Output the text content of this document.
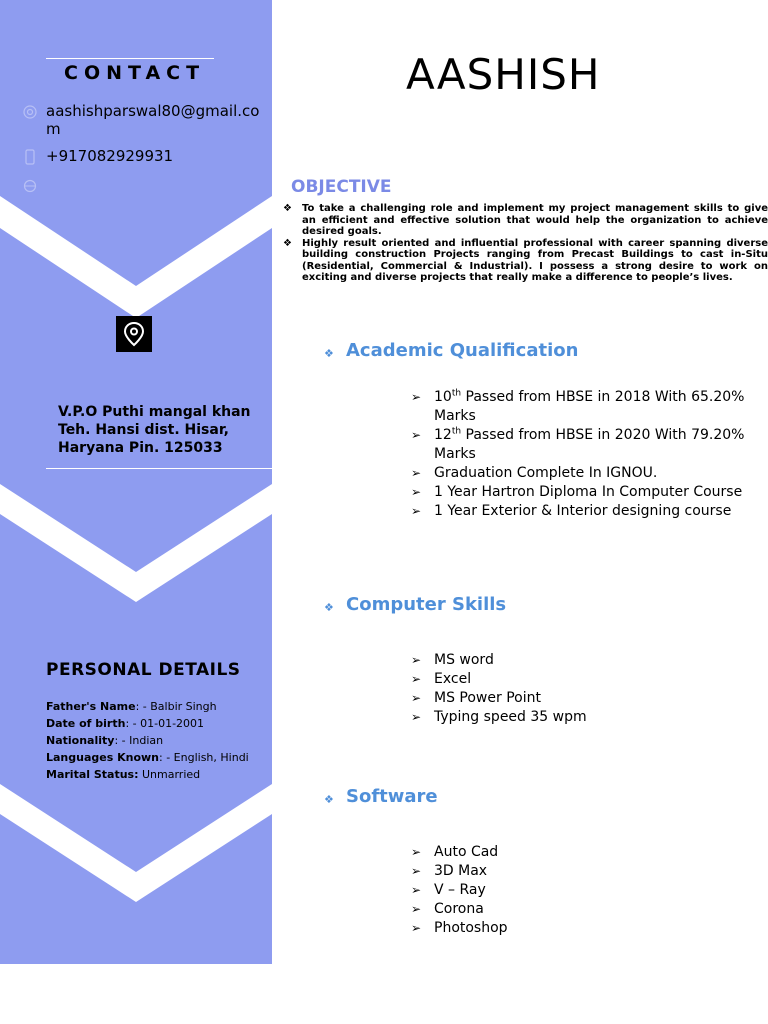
CONTACT
aashishparswal80@gmail.com
+917082929931
V.P.O Puthi mangal khan
Teh. Hansi dist. Hisar,
Haryana Pin. 125033
PERSONAL DETAILS
Father's Name: - Balbir Singh
Date of birth: - 01-01-2001
Nationality: - Indian
Languages Known: - English, Hindi
Marital Status: Unmarried
AASHISH
OBJECTIVE
❖ To take a challenging role and implement my project management skills to give an efficient and effective solution that would help the organization to achieve desired goals.
❖ Highly result oriented and influential professional with career spanning diverse building construction Projects ranging from Precast Buildings to cast in-Situ (Residential, Commercial & Industrial). I possess a strong desire to work on exciting and diverse projects that really make a difference to people’s lives.
❖ Academic Qualification
➢ 10th Passed from HBSE in 2018 With 65.20% Marks
➢ 12th Passed from HBSE in 2020 With 79.20% Marks
➢ Graduation Complete In IGNOU.
➢ 1 Year Hartron Diploma In Computer Course
➢ 1 Year Exterior & Interior designing course
❖ Computer Skills
➢ MS word
➢ Excel
➢ MS Power Point
➢ Typing speed 35 wpm
❖ Software
➢ Auto Cad
➢ 3D Max
➢ V – Ray
➢ Corona
➢ Photoshop
